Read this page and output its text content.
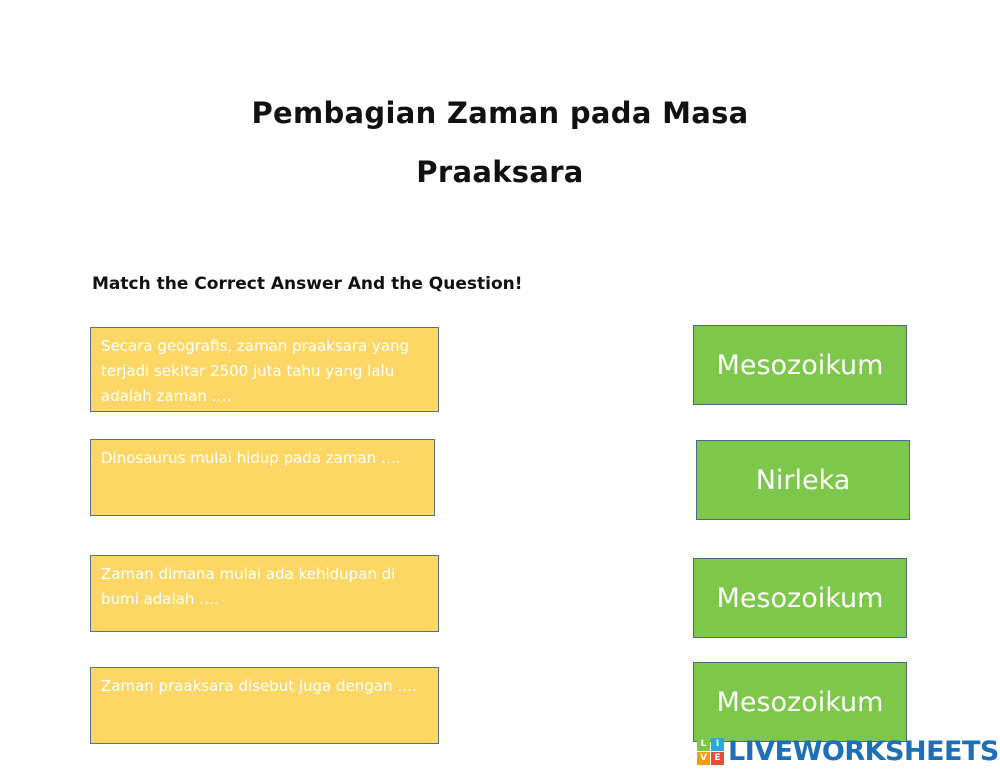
Pembagian Zaman pada Masa
Praaksara
Match the Correct Answer And the Question!
Secara geografis, zaman praaksara yang terjadi sekitar 2500 juta tahu yang lalu adalah zaman ….
Dinosaurus mulai hidup pada zaman ….
Zaman dimana mulai ada kehidupan di bumi adalah ….
Zaman praaksara disebut juga dengan ….
Mesozoikum
Nirleka
Mesozoikum
Mesozoikum
L	I
V E LIVEWORKSHEETS
